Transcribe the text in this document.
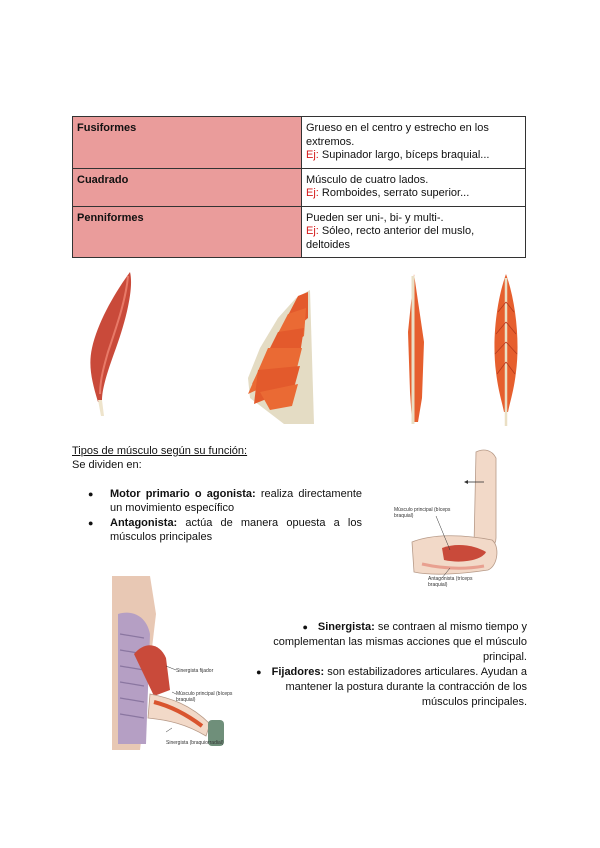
Fusiformes	Grueso en el centro y estrecho en los extremos.
Ej: Supinador largo, bíceps braquial...
Cuadrado	Músculo de cuatro lados.
Ej: Romboides, serrato superior...
Penniformes	Pueden ser uni-, bi- y multi-.
Ej: Sóleo, recto anterior del muslo, deltoides
Tipos de músculo según su función:
Se dividen en:
● Motor primario o agonista: realiza directamente un movimiento específico
● Antagonista: actúa de manera opuesta a los músculos principales
Músculo principal (bíceps braquial)
Antagonista (tríceps braquial)
Sinergista fijador
Músculo principal (bíceps braquial)
Sinergista (braquiorradial)
● Sinergista: se contraen al mismo tiempo y complementan las mismas acciones que el músculo principal.
● Fijadores: son estabilizadores articulares. Ayudan a mantener la postura durante la contracción de los músculos principales.
